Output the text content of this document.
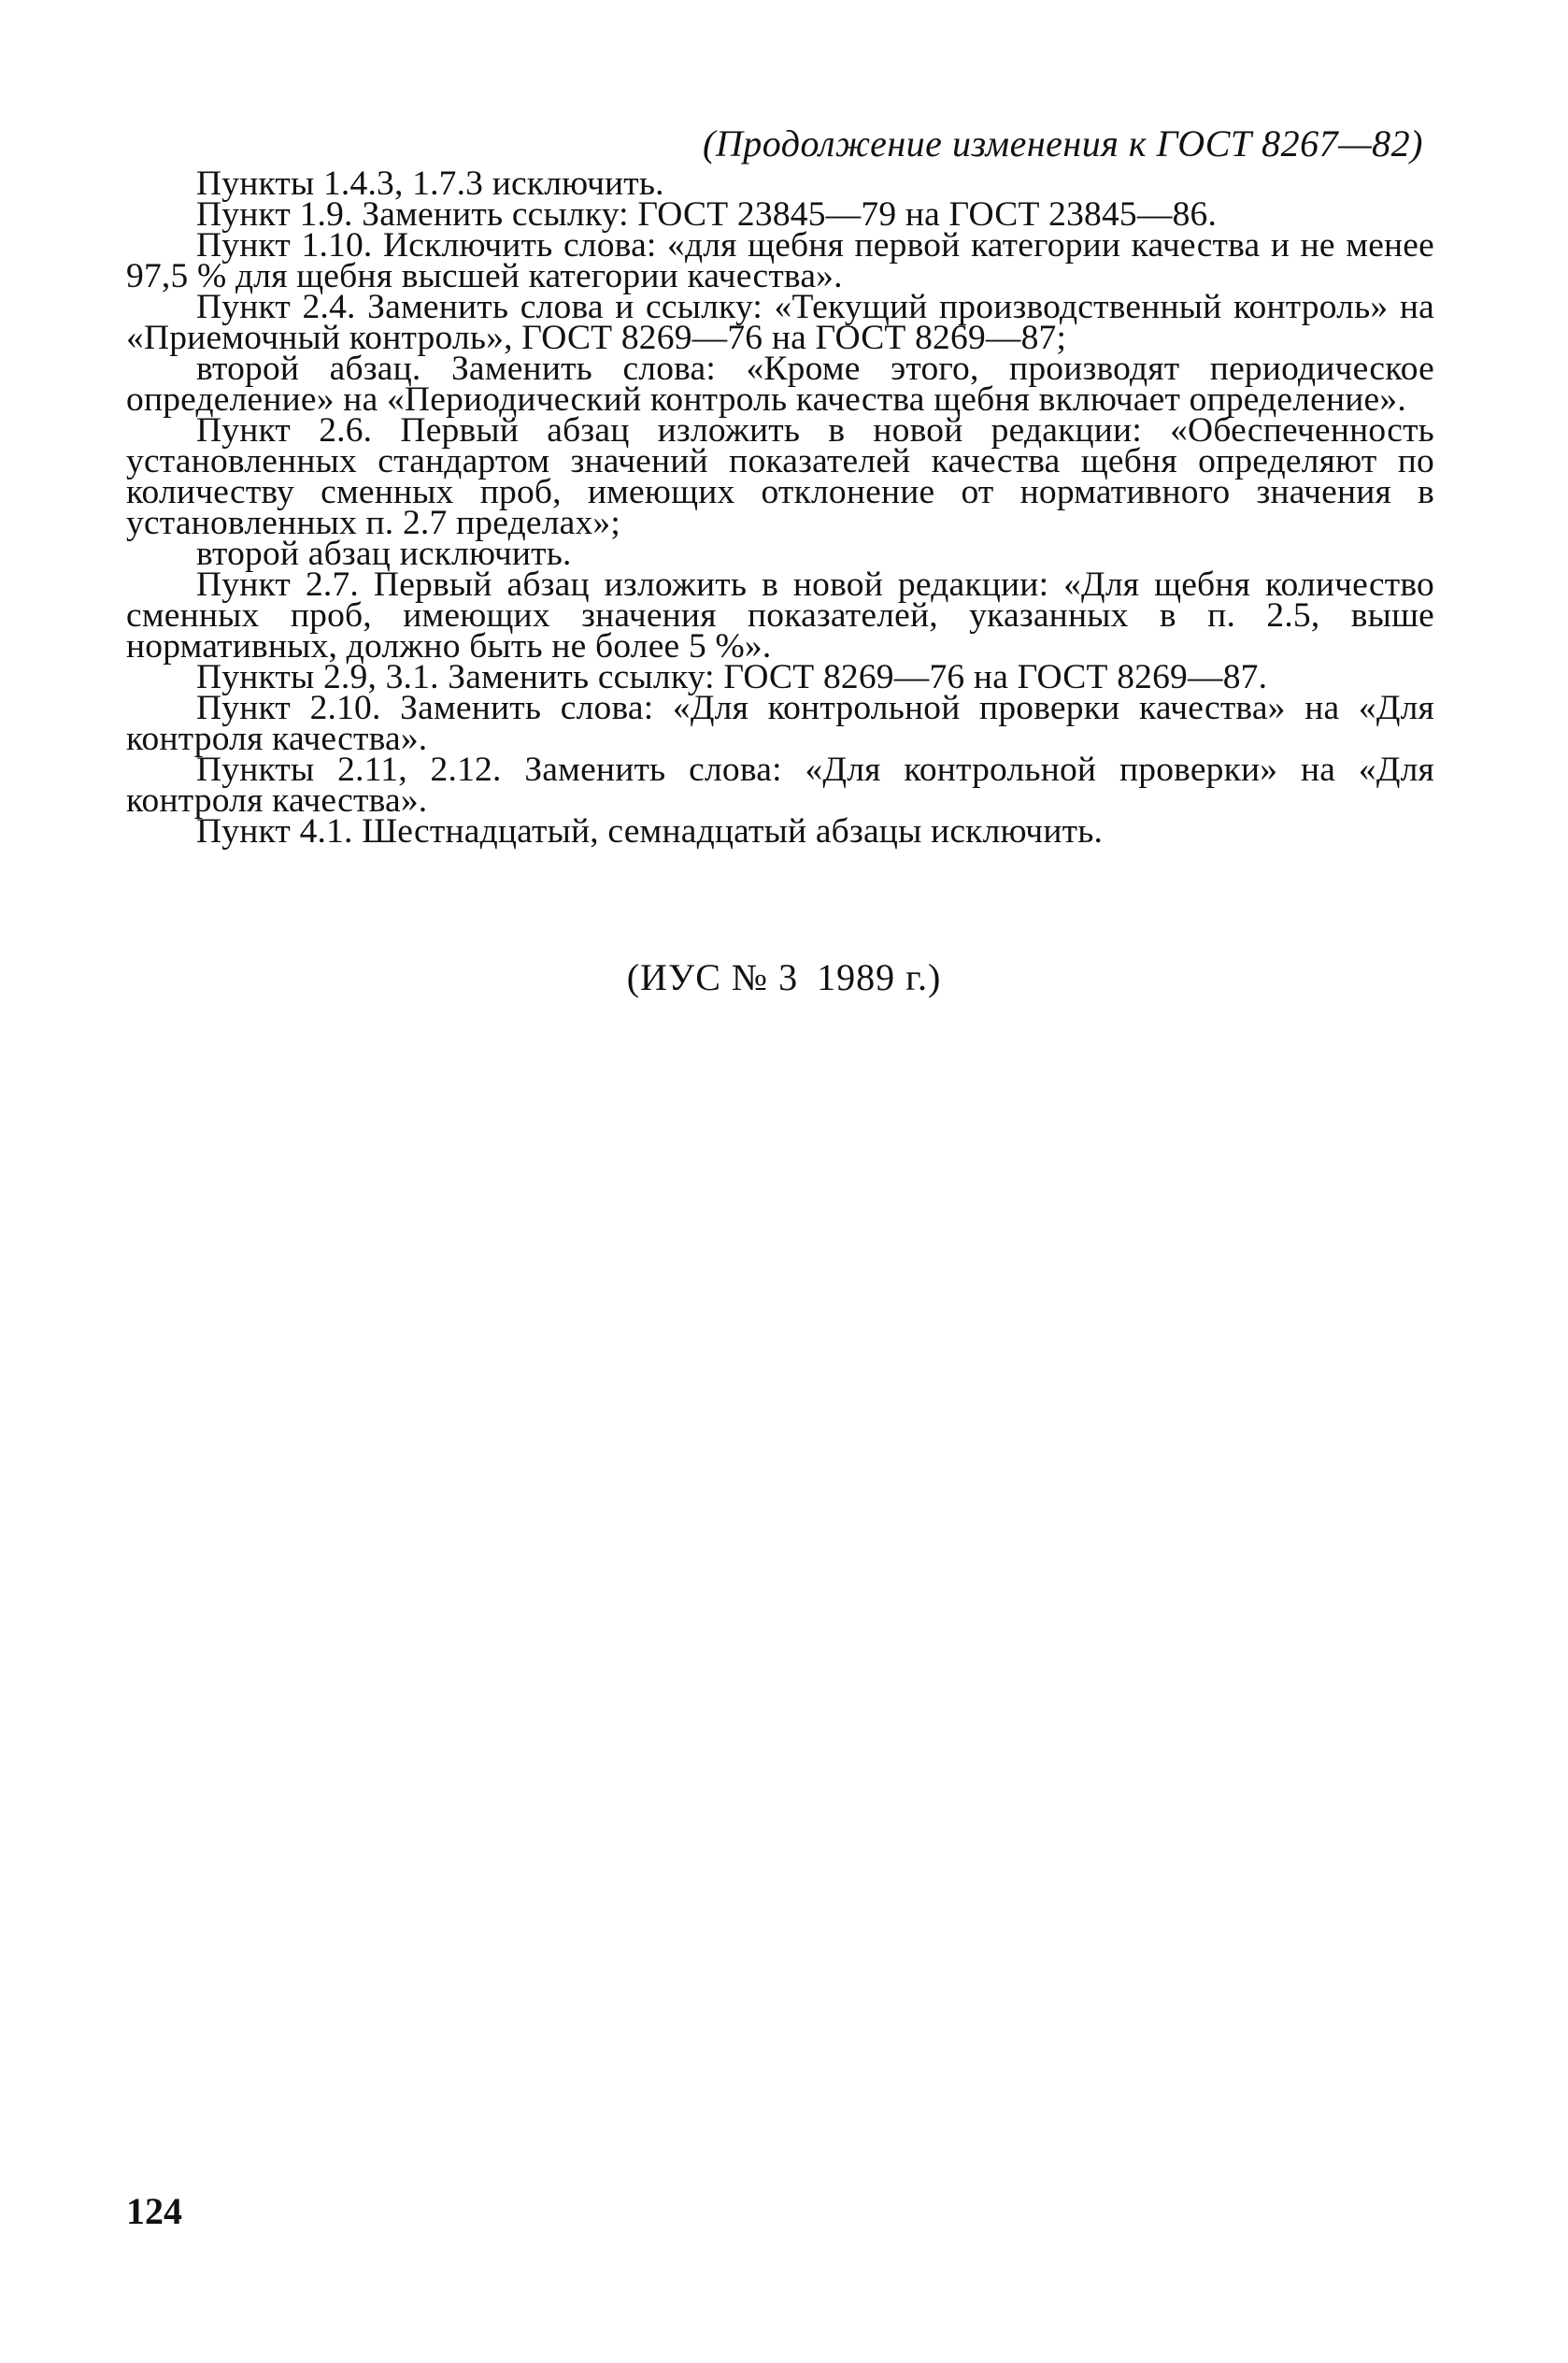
(Продолжение изменения к ГОСТ 8267—82)

Пункты 1.4.3, 1.7.3 исключить.

Пункт 1.9. Заменить ссылку: ГОСТ 23845—79 на ГОСТ 23845—86.

Пункт 1.10. Исключить слова: «для щебня первой категории качества и не менее 97,5 % для щебня высшей категории качества».

Пункт 2.4. Заменить слова и ссылку: «Текущий производственный контроль» на «Приемочный контроль», ГОСТ 8269—76 на ГОСТ 8269—87;

второй абзац. Заменить слова: «Кроме этого, производят периодическое определение» на «Периодический контроль качества щебня включает определение».

Пункт 2.6. Первый абзац изложить в новой редакции: «Обеспеченность установленных стандартом значений показателей качества щебня определяют по количеству сменных проб, имеющих отклонение от нормативного значения в установленных п. 2.7 пределах»;

второй абзац исключить.

Пункт 2.7. Первый абзац изложить в новой редакции: «Для щебня количество сменных проб, имеющих значения показателей, указанных в п. 2.5, выше нормативных, должно быть не более 5 %».

Пункты 2.9, 3.1. Заменить ссылку: ГОСТ 8269—76 на ГОСТ 8269—87.

Пункт 2.10. Заменить слова: «Для контрольной проверки качества» на «Для контроля качества».

Пункты 2.11, 2.12. Заменить слова: «Для контрольной проверки» на «Для контроля качества».

Пункт 4.1. Шестнадцатый, семнадцатый абзацы исключить.

(ИУС № 3 1989 г.)
124
